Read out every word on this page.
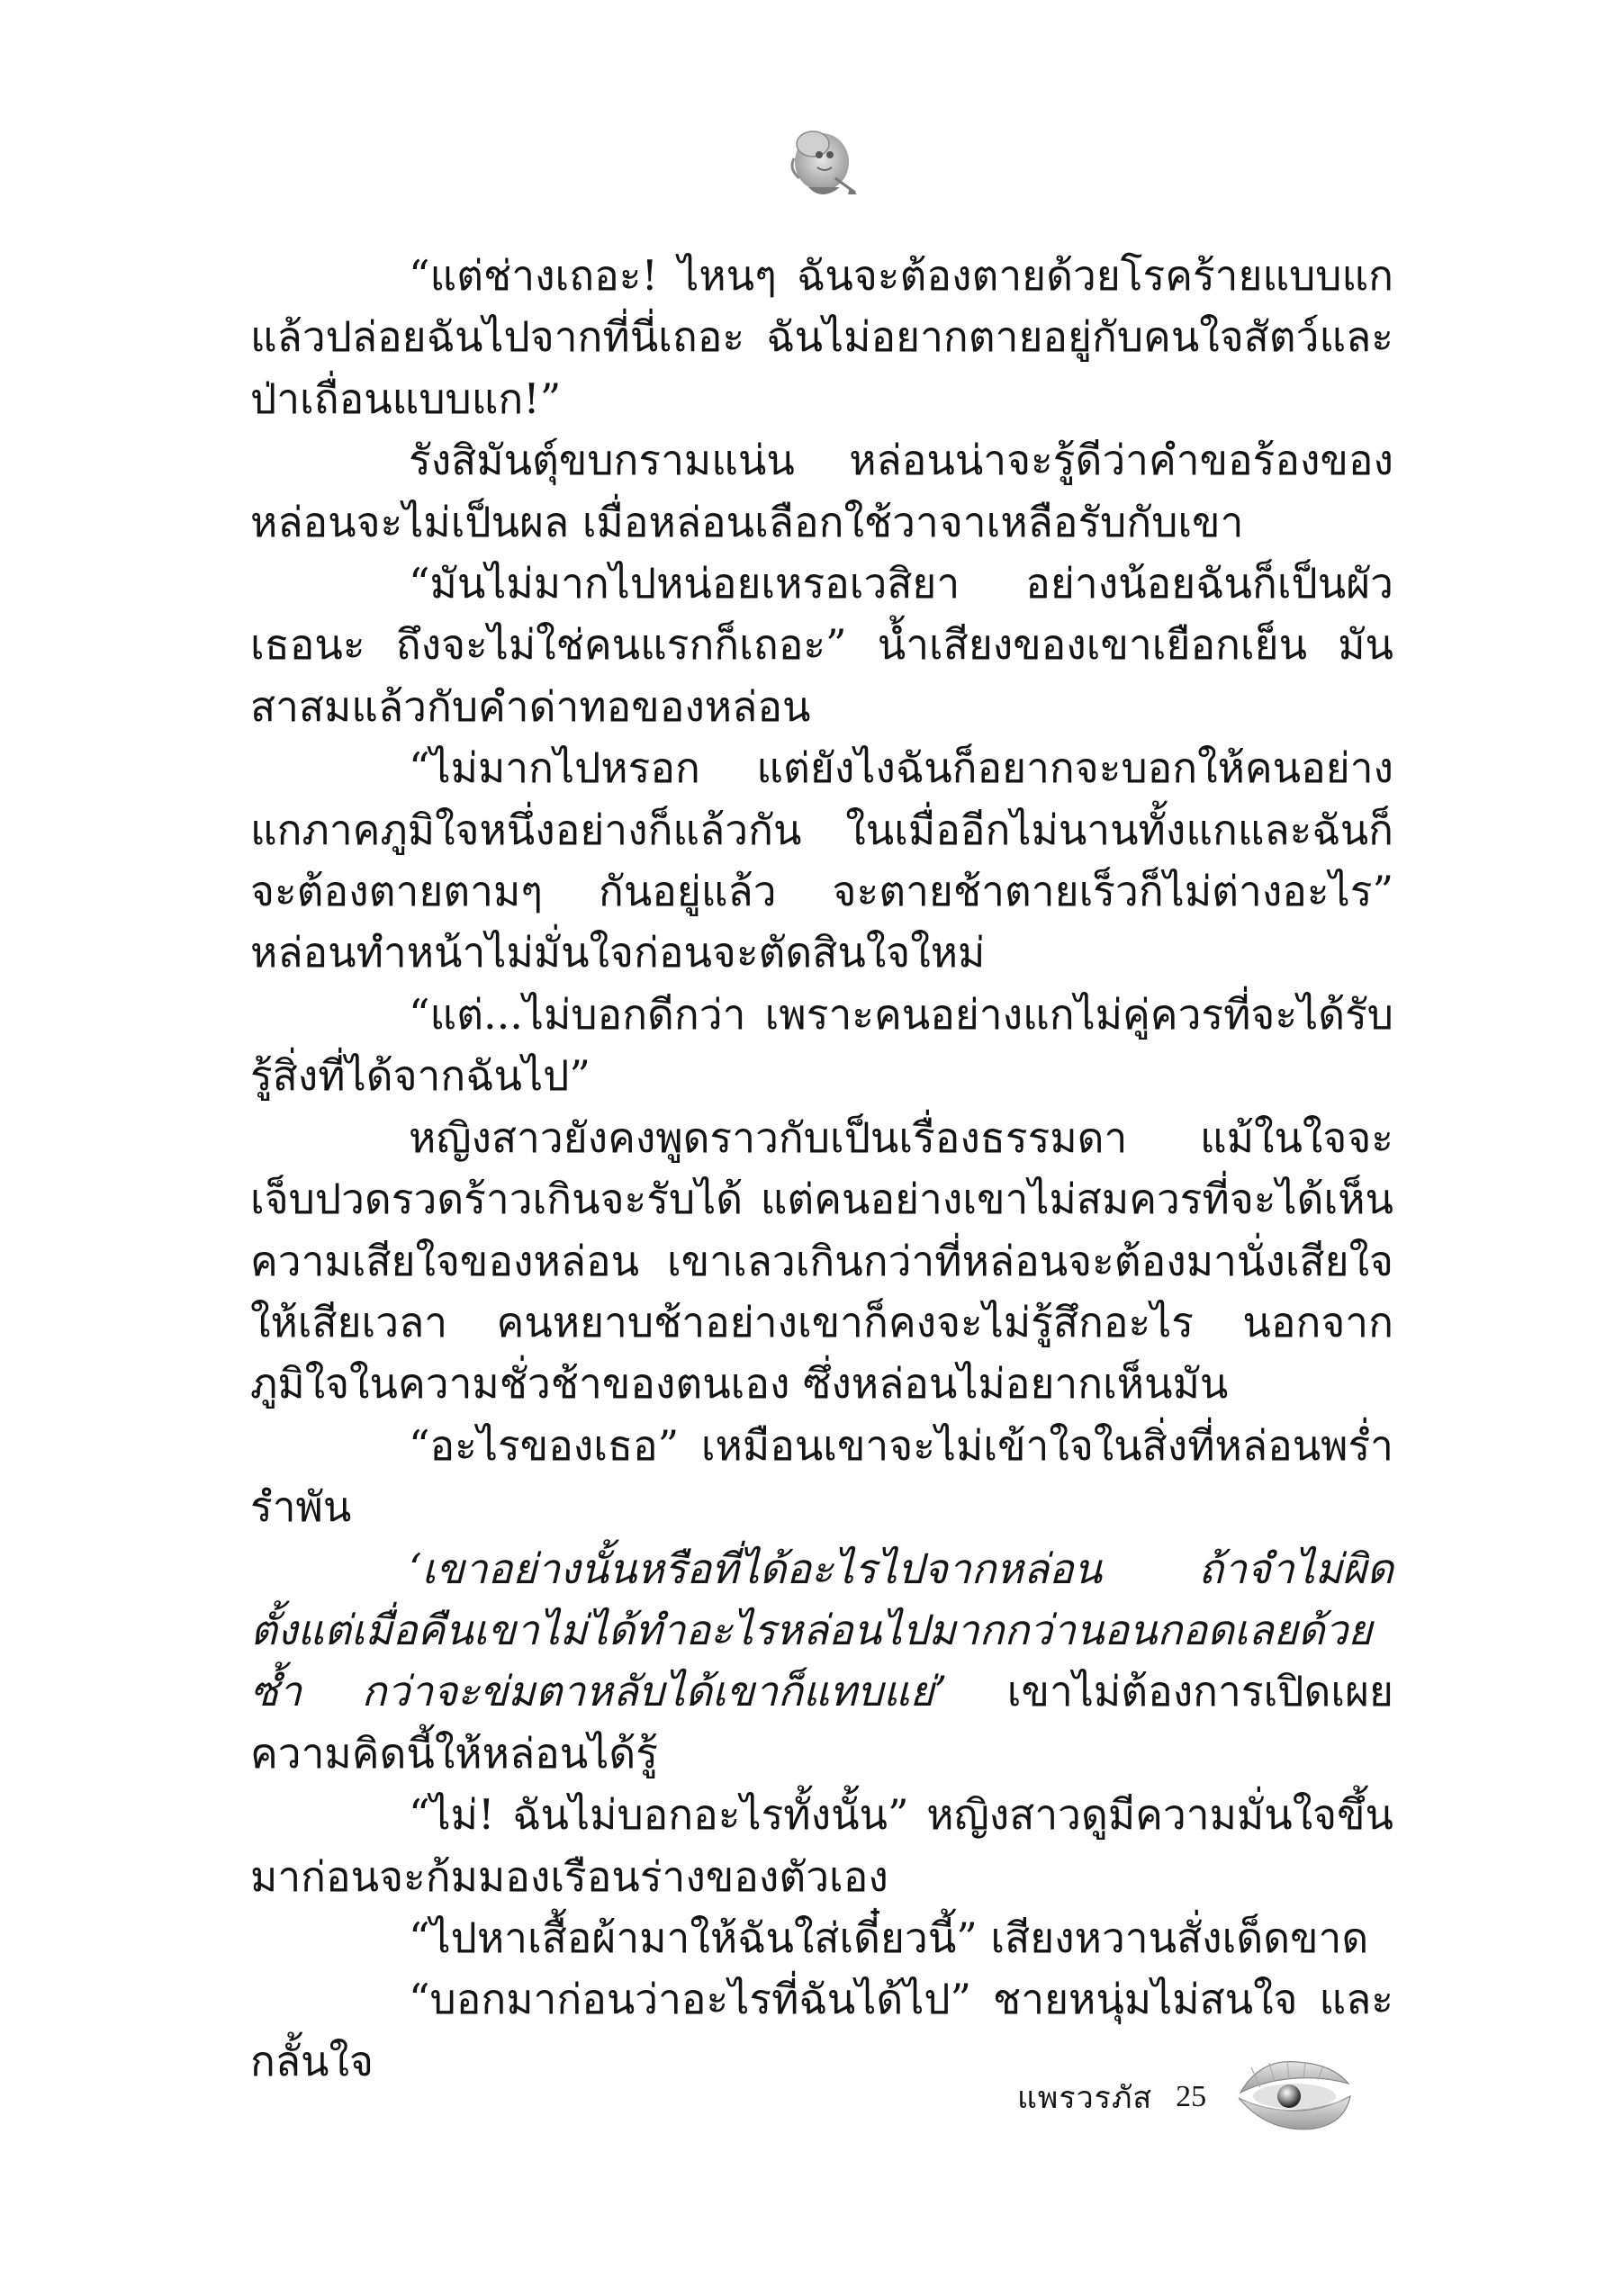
“แต่ช่างเถอะ! ไหนๆ ฉันจะต้องตายด้วยโรคร้ายแบบแกแล้วปล่อยฉันไปจากที่นี่เถอะ ฉันไม่อยากตายอยู่กับคนใจสัตว์และป่าเถื่อนแบบแก!”

รังสิมันตุ์ขบกรามแน่น หล่อนน่าจะรู้ดีว่าคำขอร้องของหล่อนจะไม่เป็นผล เมื่อหล่อนเลือกใช้วาจาเหลือรับกับเขา

“มันไม่มากไปหน่อยเหรอเวสิยา อย่างน้อยฉันก็เป็นผัวเธอนะ ถึงจะไม่ใช่คนแรกก็เถอะ” น้ำเสียงของเขาเยือกเย็น มันสาสมแล้วกับคำด่าทอของหล่อน

“ไม่มากไปหรอก แต่ยังไงฉันก็อยากจะบอกให้คนอย่างแกภาคภูมิใจหนึ่งอย่างก็แล้วกัน ในเมื่ออีกไม่นานทั้งแกและฉันก็จะต้องตายตามๆ กันอยู่แล้ว จะตายช้าตายเร็วก็ไม่ต่างอะไร” หล่อนทำหน้าไม่มั่นใจก่อนจะตัดสินใจใหม่

“แต่...ไม่บอกดีกว่า เพราะคนอย่างแกไม่คู่ควรที่จะได้รับรู้สิ่งที่ได้จากฉันไป”

หญิงสาวยังคงพูดราวกับเป็นเรื่องธรรมดา แม้ในใจจะเจ็บปวดรวดร้าวเกินจะรับได้ แต่คนอย่างเขาไม่สมควรที่จะได้เห็นความเสียใจของหล่อน เขาเลวเกินกว่าที่หล่อนจะต้องมานั่งเสียใจให้เสียเวลา คนหยาบช้าอย่างเขาก็คงจะไม่รู้สึกอะไร นอกจากภูมิใจในความชั่วช้าของตนเอง ซึ่งหล่อนไม่อยากเห็นมัน

“อะไรของเธอ” เหมือนเขาจะไม่เข้าใจในสิ่งที่หล่อนพร่ำรำพัน

‘เขาอย่างนั้นหรือที่ได้อะไรไปจากหล่อน ถ้าจำไม่ผิด ตั้งแต่เมื่อคืนเขาไม่ได้ทำอะไรหล่อนไปมากกว่านอนกอดเลยด้วยซ้ำ กว่าจะข่มตาหลับได้เขาก็แทบแย่’ เขาไม่ต้องการเปิดเผยความคิดนี้ให้หล่อนได้รู้

“ไม่! ฉันไม่บอกอะไรทั้งนั้น” หญิงสาวดูมีความมั่นใจขึ้นมาก่อนจะก้มมองเรือนร่างของตัวเอง

“ไปหาเสื้อผ้ามาให้ฉันใส่เดี๋ยวนี้” เสียงหวานสั่งเด็ดขาด

“บอกมาก่อนว่าอะไรที่ฉันได้ไป” ชายหนุ่มไม่สนใจ และกลั้นใจ

แพรวรภัส 25
